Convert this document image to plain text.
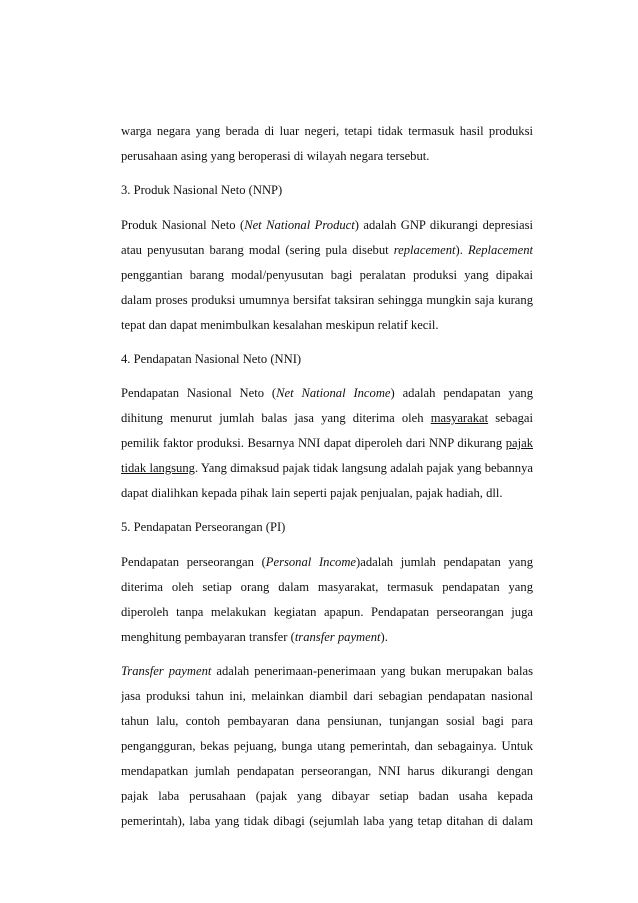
warga negara yang berada di luar negeri, tetapi tidak termasuk hasil produksi
perusahaan asing yang beroperasi di wilayah negara tersebut.
3. Produk Nasional Neto (NNP)
Produk Nasional Neto (Net National Product) adalah GNP dikurangi depresiasi
atau penyusutan barang modal (sering pula disebut replacement). Replacement
penggantian barang modal/penyusutan bagi peralatan produksi yang dipakai
dalam proses produksi umumnya bersifat taksiran sehingga mungkin saja kurang
tepat dan dapat menimbulkan kesalahan meskipun relatif kecil.
4. Pendapatan Nasional Neto (NNI)
Pendapatan Nasional Neto (Net National Income) adalah pendapatan yang
dihitung menurut jumlah balas jasa yang diterima oleh masyarakat sebagai
pemilik faktor produksi. Besarnya NNI dapat diperoleh dari NNP dikurang pajak
tidak langsung. Yang dimaksud pajak tidak langsung adalah pajak yang bebannya
dapat dialihkan kepada pihak lain seperti pajak penjualan, pajak hadiah, dll.
5. Pendapatan Perseorangan (PI)
Pendapatan perseorangan (Personal Income)adalah jumlah pendapatan yang
diterima oleh setiap orang dalam masyarakat, termasuk pendapatan yang
diperoleh tanpa melakukan kegiatan apapun. Pendapatan perseorangan juga
menghitung pembayaran transfer (transfer payment).
Transfer payment adalah penerimaan-penerimaan yang bukan merupakan balas
jasa produksi tahun ini, melainkan diambil dari sebagian pendapatan nasional
tahun lalu, contoh pembayaran dana pensiunan, tunjangan sosial bagi para
pengangguran, bekas pejuang, bunga utang pemerintah, dan sebagainya. Untuk
mendapatkan jumlah pendapatan perseorangan, NNI harus dikurangi dengan
pajak laba perusahaan (pajak yang dibayar setiap badan usaha kepada
pemerintah), laba yang tidak dibagi (sejumlah laba yang tetap ditahan di dalam
